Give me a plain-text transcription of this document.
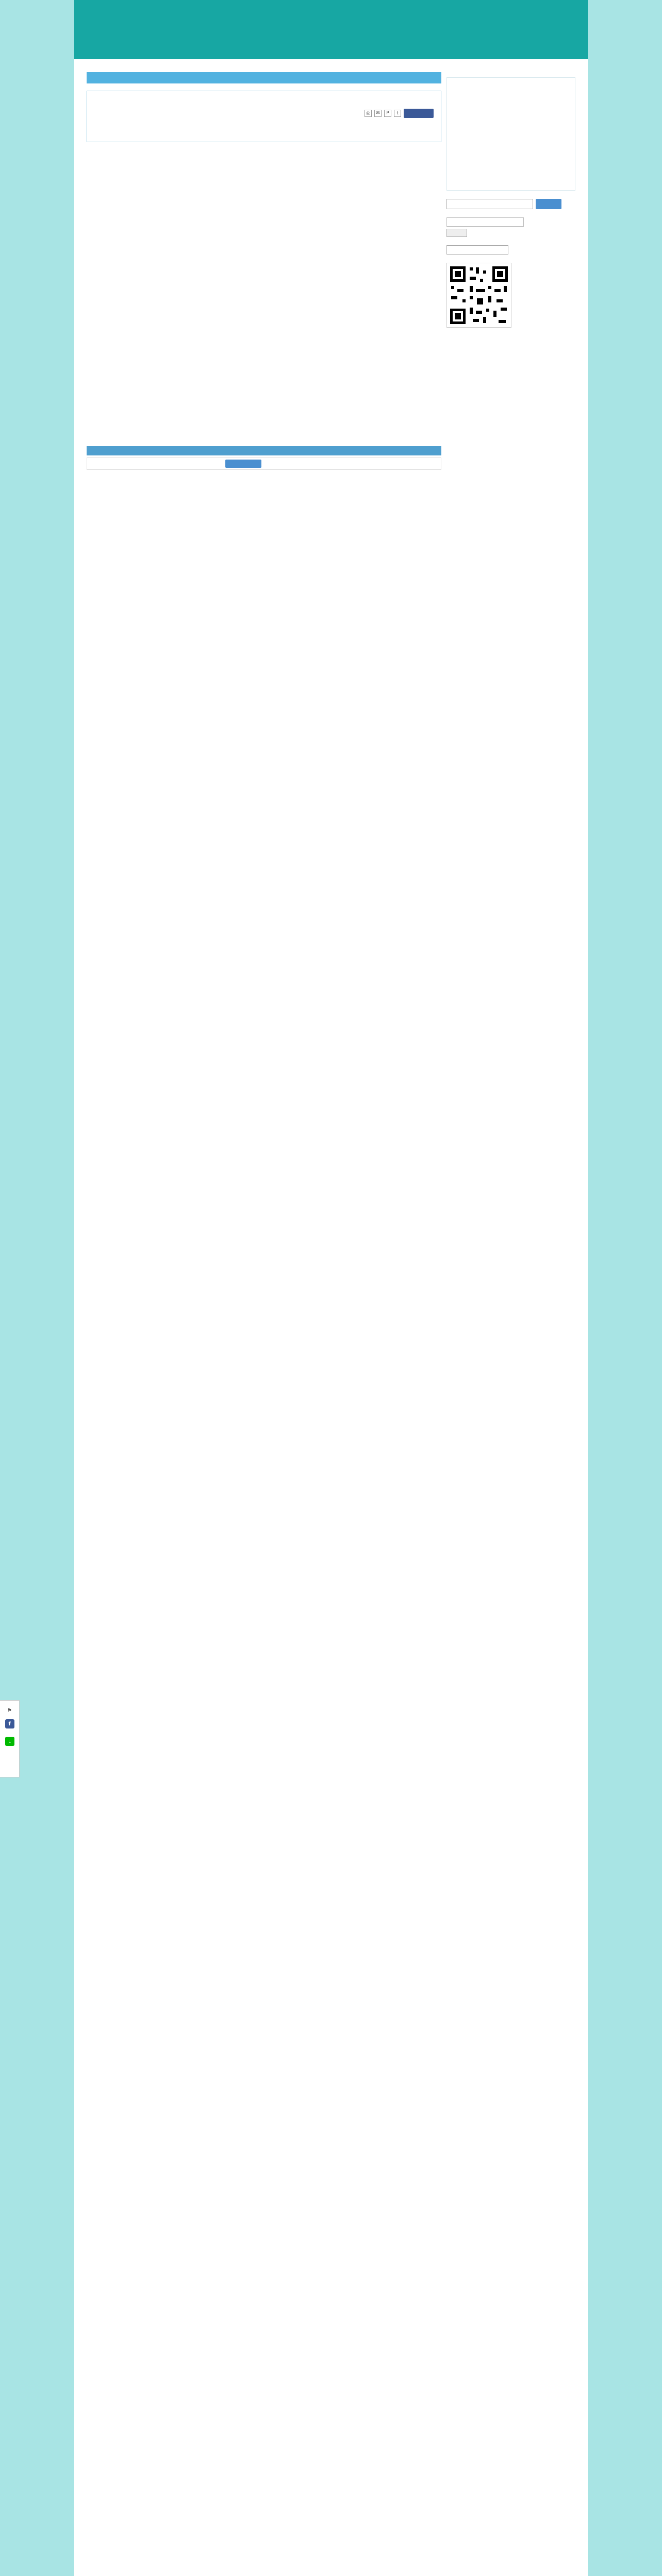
⚑
f
L
⎙	✉	P	t
